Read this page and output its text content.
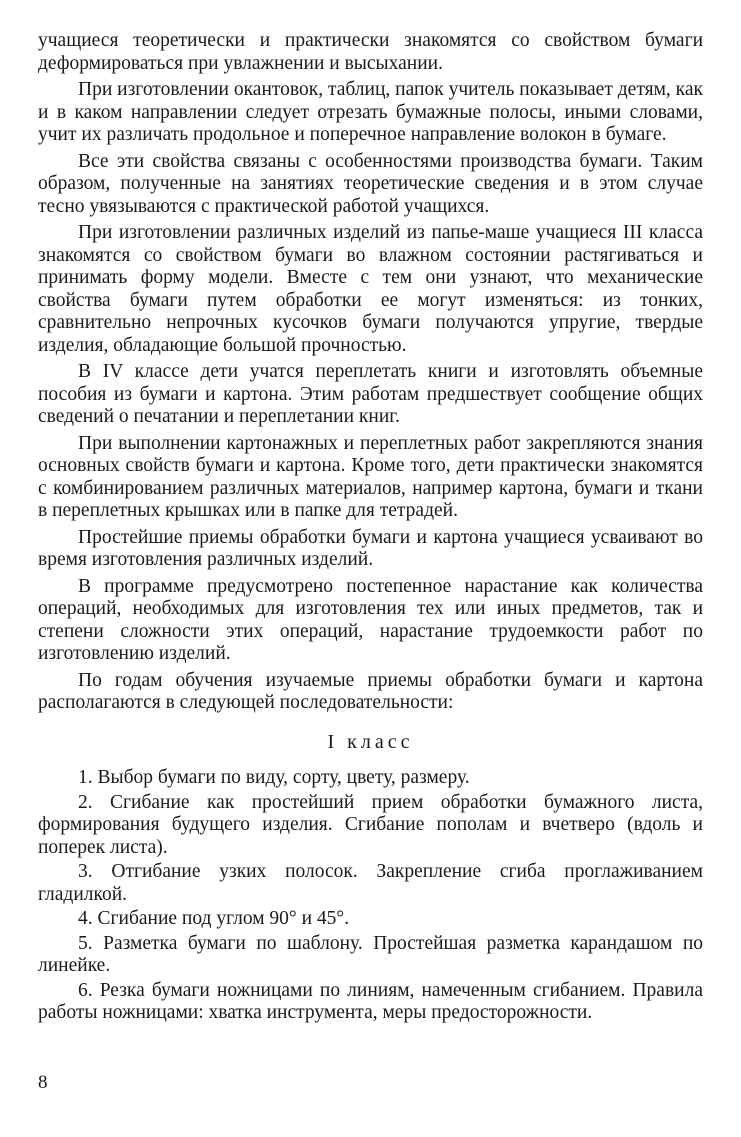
учащиеся теоретически и практически знакомятся со свойством бумаги деформироваться при увлажнении и высыхании.

При изготовлении окантовок, таблиц, папок учитель показывает детям, как и в каком направлении следует отрезать бумажные полосы, иными словами, учит их различать продольное и поперечное направление волокон в бумаге.

Все эти свойства связаны с особенностями производства бумаги. Таким образом, полученные на занятиях теоретические сведения и в этом случае тесно увязываются с практической работой учащихся.

При изготовлении различных изделий из папье-маше учащиеся III класса знакомятся со свойством бумаги во влажном состоянии растягиваться и принимать форму модели. Вместе с тем они узнают, что механические свойства бумаги путем обработки ее могут изменяться: из тонких, сравнительно непрочных кусочков бумаги получаются упругие, твердые изделия, обладающие большой прочностью.

В IV классе дети учатся переплетать книги и изготовлять объемные пособия из бумаги и картона. Этим работам предшествует сообщение общих сведений о печатании и переплетании книг.

При выполнении картонажных и переплетных работ закрепляются знания основных свойств бумаги и картона. Кроме того, дети практически знакомятся с комбинированием различных материалов, например картона, бумаги и ткани в переплетных крышках или в папке для тетрадей.

Простейшие приемы обработки бумаги и картона учащиеся усваивают во время изготовления различных изделий.

В программе предусмотрено постепенное нарастание как количества операций, необходимых для изготовления тех или иных предметов, так и степени сложности этих операций, нарастание трудоемкости работ по изготовлению изделий.

По годам обучения изучаемые приемы обработки бумаги и картона располагаются в следующей последовательности:

I класс
1. Выбор бумаги по виду, сорту, цвету, размеру.
2. Сгибание как простейший прием обработки бумажного листа, формирования будущего изделия. Сгибание пополам и вчетверо (вдоль и поперек листа).
3. Отгибание узких полосок. Закрепление сгиба проглаживанием гладилкой.
4. Сгибание под углом 90° и 45°.
5. Разметка бумаги по шаблону. Простейшая разметка карандашом по линейке.
6. Резка бумаги ножницами по линиям, намеченным сгибанием. Правила работы ножницами: хватка инструмента, меры предосторожности.
8
